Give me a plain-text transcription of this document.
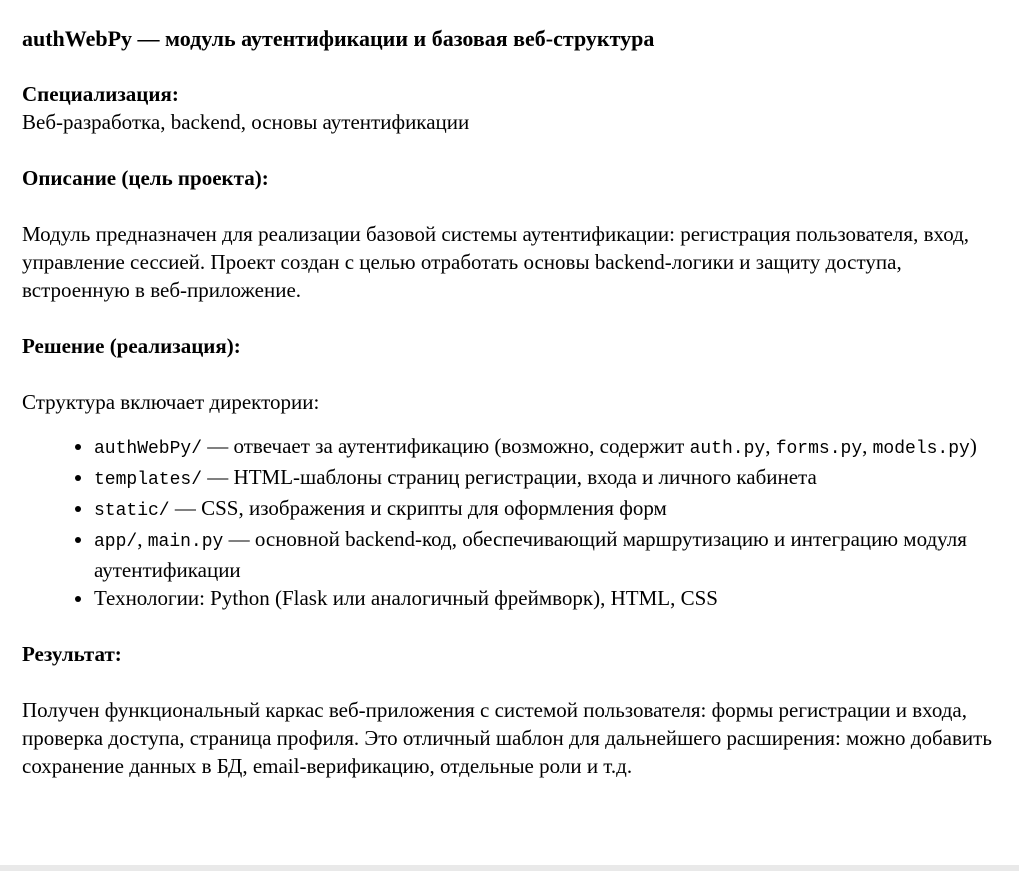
authWebPy — модуль аутентификации и базовая веб-структура

Специализация:

Веб-разработка, backend, основы аутентификации

Описание (цель проекта):

Модуль предназначен для реализации базовой системы аутентификации: регистрация пользователя, вход, управление сессией. Проект создан с целью отработать основы backend-логики и защиту доступа, встроенную в веб-приложение.

Решение (реализация):

Структура включает директории:

• authWebPy/ — отвечает за аутентификацию (возможно, содержит auth.py, forms.py, models.py)
• templates/ — HTML-шаблоны страниц регистрации, входа и личного кабинета
• static/ — CSS, изображения и скрипты для оформления форм
• app/, main.py — основной backend-код, обеспечивающий маршрутизацию и интеграцию модуля аутентификации
• Технологии: Python (Flask или аналогичный фреймворк), HTML, CSS

Результат:

Получен функциональный каркас веб-приложения с системой пользователя: формы регистрации и входа, проверка доступа, страница профиля. Это отличный шаблон для дальнейшего расширения: можно добавить сохранение данных в БД, email-верификацию, отдельные роли и т.д.
